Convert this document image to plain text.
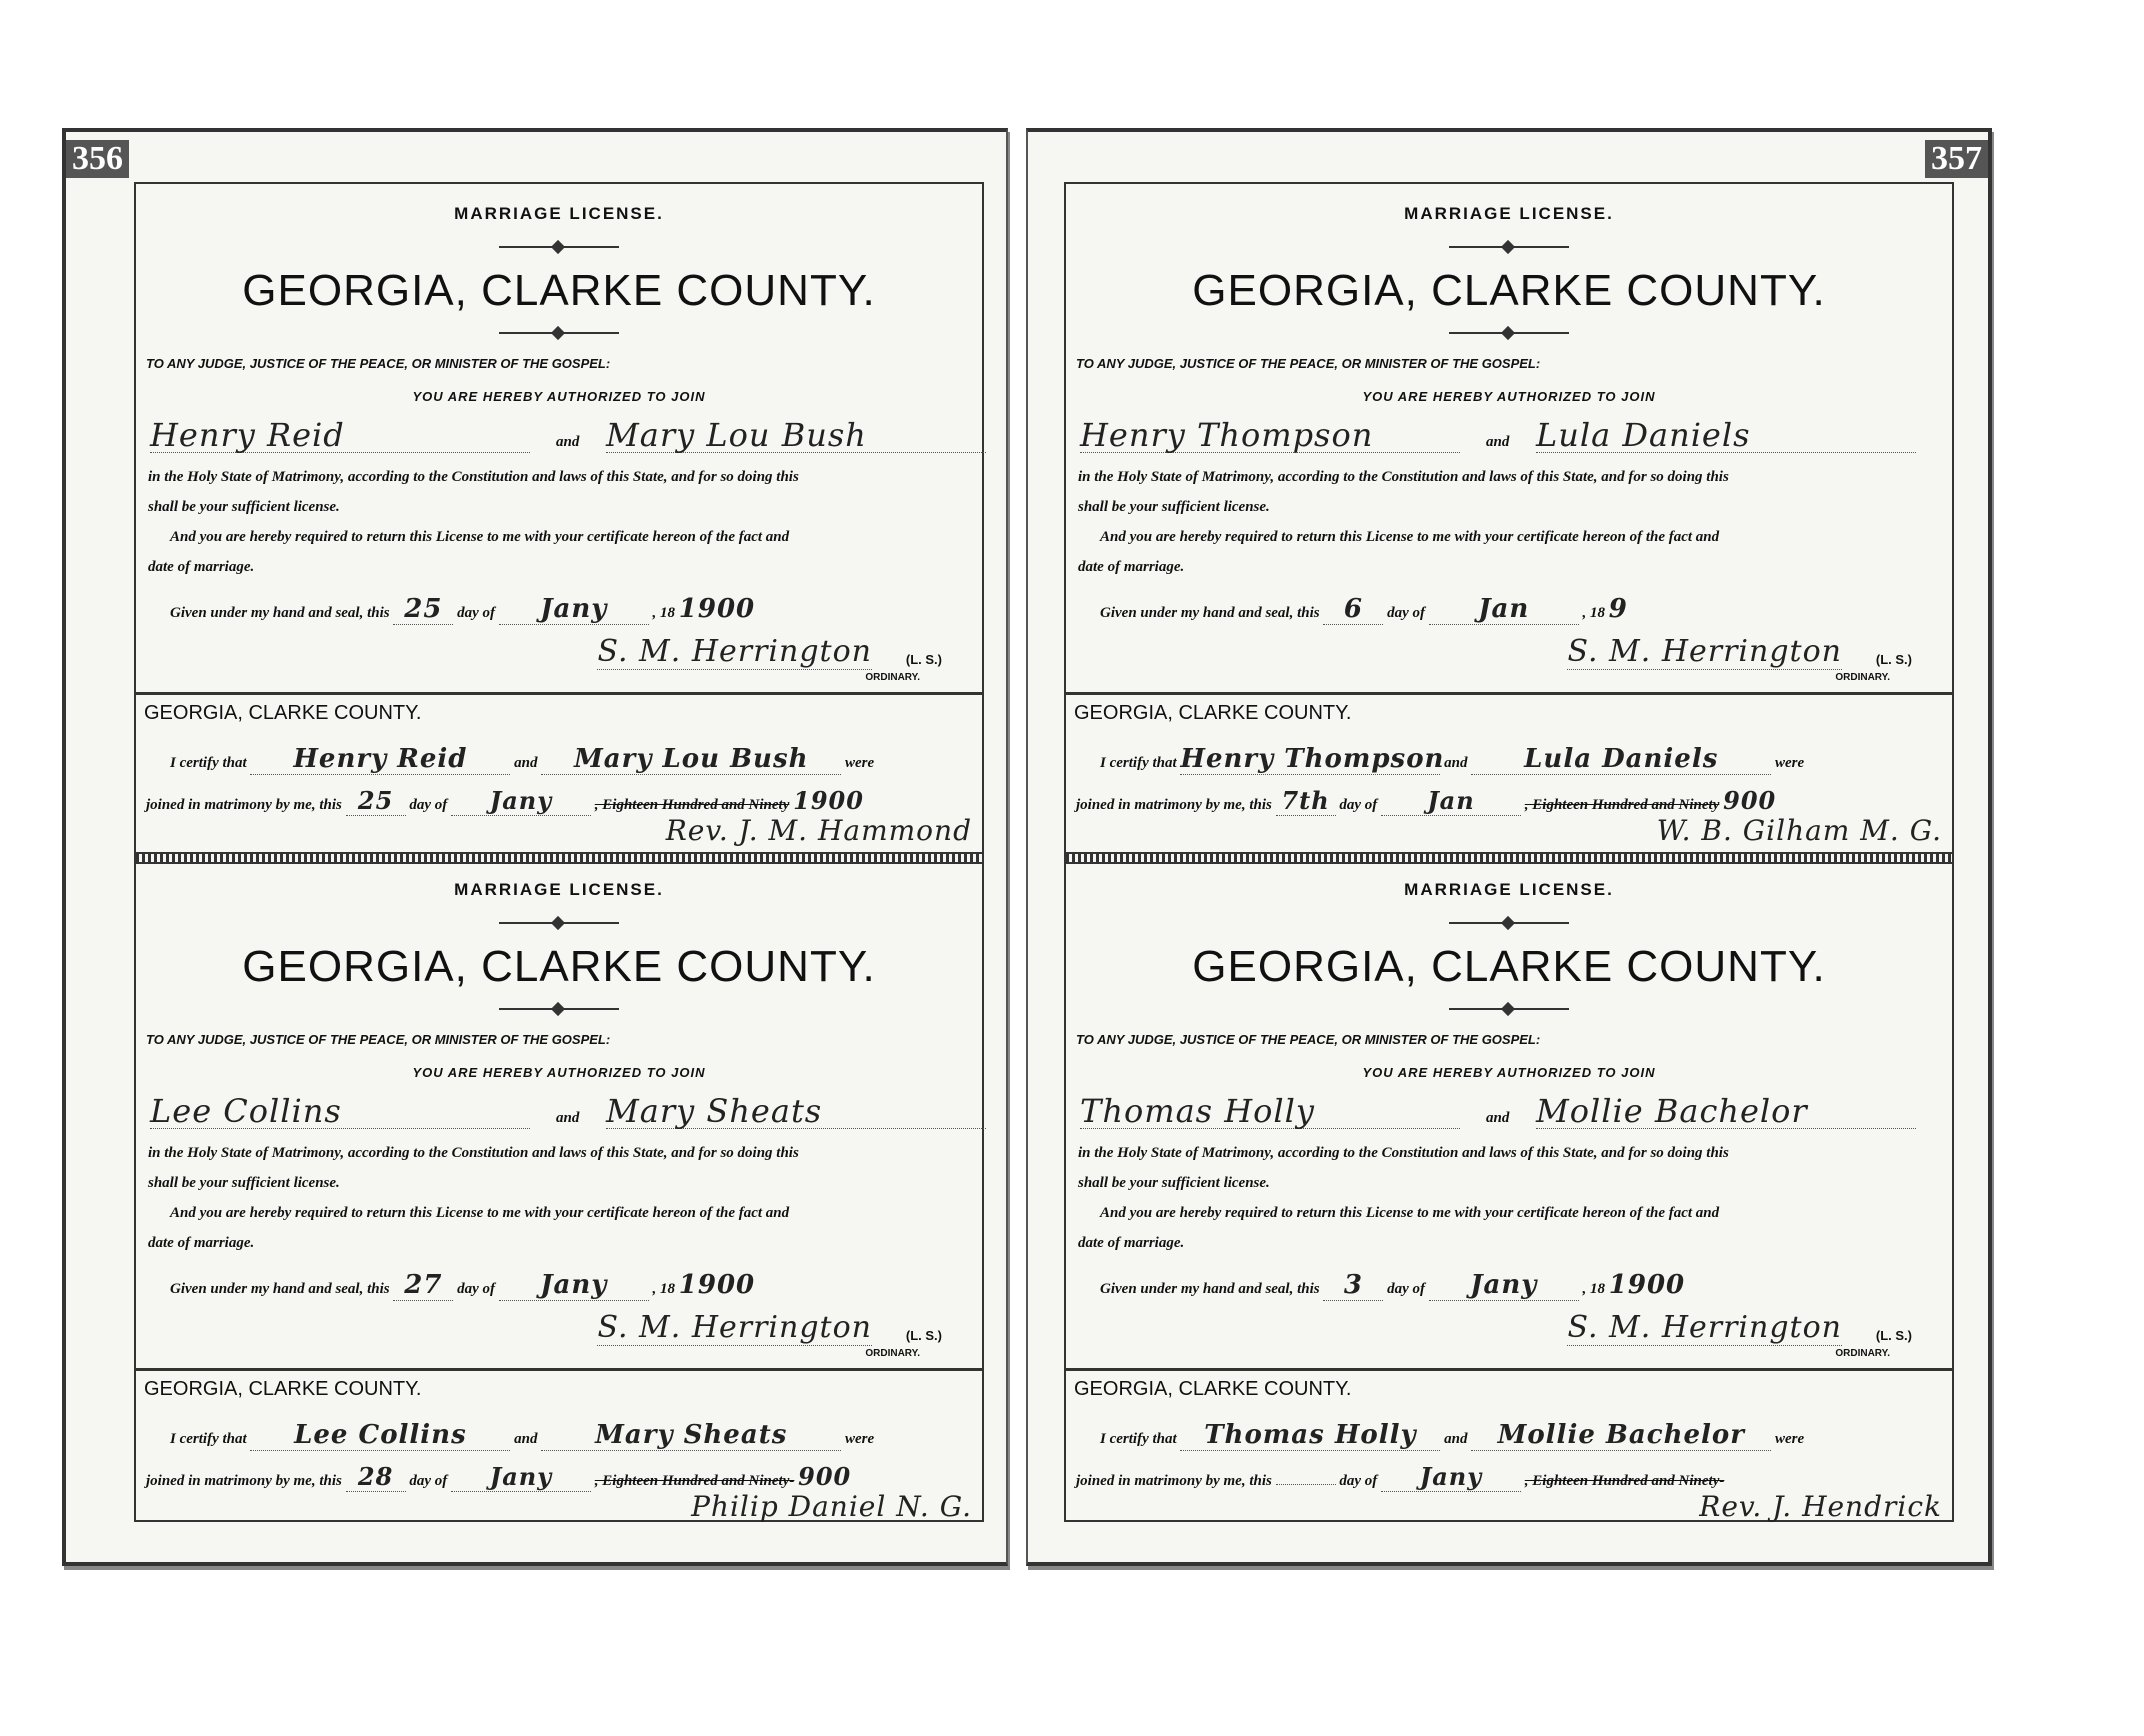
356
MARRIAGE LICENSE.
GEORGIA, CLARKE COUNTY.
TO ANY JUDGE, JUSTICE OF THE PEACE, OR MINISTER OF THE GOSPEL:
YOU ARE HEREBY AUTHORIZED TO JOIN
Henry Reid	and Mary Lou Bush
in the Holy State of Matrimony, according to the Constitution and laws of this State, and for so doing this
shall be your sufficient license.
And you are hereby required to return this License to me with your certificate hereon of the fact and
date of marriage.
Given under my hand and seal, this 25 day of Jany	, 18 1900
S. M. Herrington	(L. S.)
ORDINARY.
GEORGIA, CLARKE COUNTY.
I certify that Henry Reid	and Mary Lou Bush were
joined in matrimony by me, this 25 day of Jany	, Eighteen Hundred and Ninety 1900
Rev. J. M. Hammond
MARRIAGE LICENSE.
GEORGIA, CLARKE COUNTY.
TO ANY JUDGE, JUSTICE OF THE PEACE, OR MINISTER OF THE GOSPEL:
YOU ARE HEREBY AUTHORIZED TO JOIN
Lee Collins	and Mary Sheats
in the Holy State of Matrimony, according to the Constitution and laws of this State, and for so doing this
shall be your sufficient license.
And you are hereby required to return this License to me with your certificate hereon of the fact and
date of marriage.
Given under my hand and seal, this 27 day of Jany	, 18 1900
S. M. Herrington	(L. S.)
ORDINARY.
GEORGIA, CLARKE COUNTY.
I certify that Lee Collins	and Mary Sheats	were
joined in matrimony by me, this 28 day of Jany	, Eighteen Hundred and Ninety- 900
Philip Daniel N. G.
357
MARRIAGE LICENSE.
GEORGIA, CLARKE COUNTY.
TO ANY JUDGE, JUSTICE OF THE PEACE, OR MINISTER OF THE GOSPEL:
YOU ARE HEREBY AUTHORIZED TO JOIN
Henry Thompson	and Lula Daniels
in the Holy State of Matrimony, according to the Constitution and laws of this State, and for so doing this
shall be your sufficient license.
And you are hereby required to return this License to me with your certificate hereon of the fact and
date of marriage.
Given under my hand and seal, this 6 day of Jan	, 18 9
S. M. Herrington	(L. S.)
ORDINARY.
GEORGIA, CLARKE COUNTY.
I certify that Henry Thompson and Lula Daniels	were
joined in matrimony by me, this 7th day of Jan	, Eighteen Hundred and Ninety 900
W. B. Gilham M. G.
MARRIAGE LICENSE.
GEORGIA, CLARKE COUNTY.
TO ANY JUDGE, JUSTICE OF THE PEACE, OR MINISTER OF THE GOSPEL:
YOU ARE HEREBY AUTHORIZED TO JOIN
Thomas Holly	and Mollie Bachelor
in the Holy State of Matrimony, according to the Constitution and laws of this State, and for so doing this
shall be your sufficient license.
And you are hereby required to return this License to me with your certificate hereon of the fact and
date of marriage.
Given under my hand and seal, this 3 day of Jany	, 18 1900
S. M. Herrington	(L. S.)
ORDINARY.
GEORGIA, CLARKE COUNTY.
I certify that Thomas Holly and Mollie Bachelor were
joined in matrimony by me, this	day of Jany	, Eighteen Hundred and Ninety-
Rev. J. Hendrick
